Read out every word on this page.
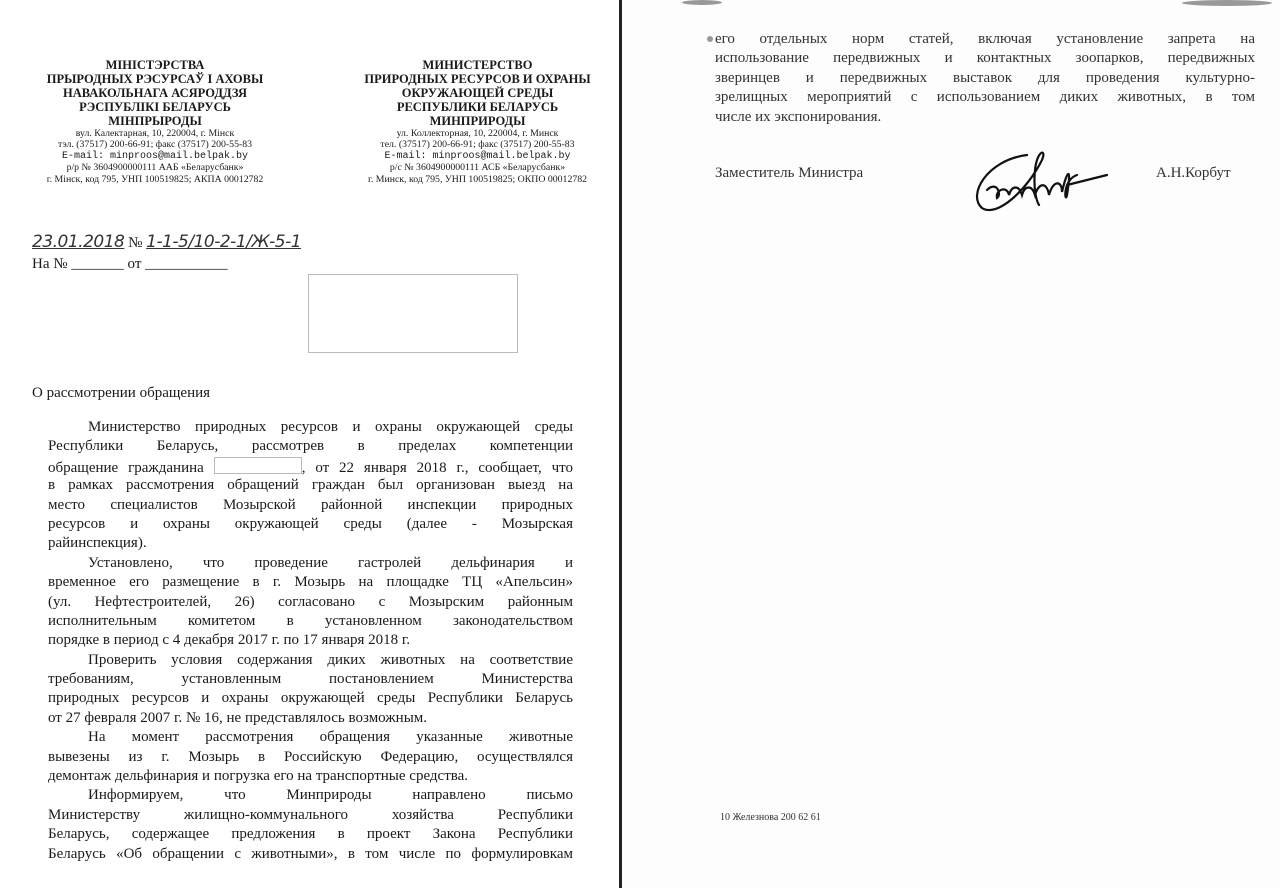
МІНІСТЭРСТВА
ПРЫРОДНЫХ РЭСУРСАЎ І АХОВЫ
НАВАКОЛЬНАГА АСЯРОДДЗЯ
РЭСПУБЛІКІ БЕЛАРУСЬ
МІНПРЫРОДЫ
вул. Калектарная, 10, 220004, г. Мінск
тэл. (37517) 200-66-91; факс (37517) 200-55-83
E-mail: minproos@mail.belpak.by
р/р № 3604900000111 ААБ «Беларусбанк»
г. Мінск, код 795, УНП 100519825; АКПА 00012782
МИНИСТЕРСТВО
ПРИРОДНЫХ РЕСУРСОВ И ОХРАНЫ
ОКРУЖАЮЩЕЙ СРЕДЫ
РЕСПУБЛИКИ БЕЛАРУСЬ
МИНПРИРОДЫ
ул. Коллекторная, 10, 220004, г. Минск
тел. (37517) 200-66-91; факс (37517) 200-55-83
E-mail: minproos@mail.belpak.by
р/с № 3604900000111 АСБ «Беларусбанк»
г. Минск, код 795, УНП 100519825; ОКПО 00012782
23.01.2018 № 1-1-5/10-2-1/Ж-5-1
На № _______ от ___________
О рассмотрении обращения
Министерство природных ресурсов и охраны окружающей среды
Республики Беларусь, рассмотрев в пределах компетенции
обращение гражданина	, от 22 января 2018 г., сообщает, что
в рамках рассмотрения обращений граждан был организован выезд на
место специалистов Мозырской районной инспекции природных
ресурсов и охраны окружающей среды (далее - Мозырская
райинспекция).
Установлено, что проведение гастролей дельфинария и
временное его размещение в г. Мозырь на площадке ТЦ «Апельсин»
(ул. Нефтестроителей, 26) согласовано с Мозырским районным
исполнительным комитетом в установленном законодательством
порядке в период с 4 декабря 2017 г. по 17 января 2018 г.
Проверить условия содержания диких животных на соответствие
требованиям, установленным постановлением Министерства
природных ресурсов и охраны окружающей среды Республики Беларусь
от 27 февраля 2007 г. № 16, не представлялось возможным.
На момент рассмотрения обращения указанные животные
вывезены из г. Мозырь в Российскую Федерацию, осуществлялся
демонтаж дельфинария и погрузка его на транспортные средства.
Информируем, что Минприроды направлено письмо
Министерству жилищно-коммунального хозяйства Республики
Беларусь, содержащее предложения в проект Закона Республики
Беларусь «Об обращении с животными», в том числе по формулировкам
его отдельных норм статей, включая установление запрета на
использование передвижных и контактных зоопарков, передвижных
зверинцев и передвижных выставок для проведения культурно-
зрелищных мероприятий с использованием диких животных, в том
числе их экспонирования.
Заместитель Министра	А.Н.Корбут
10 Железнова 200 62 61
